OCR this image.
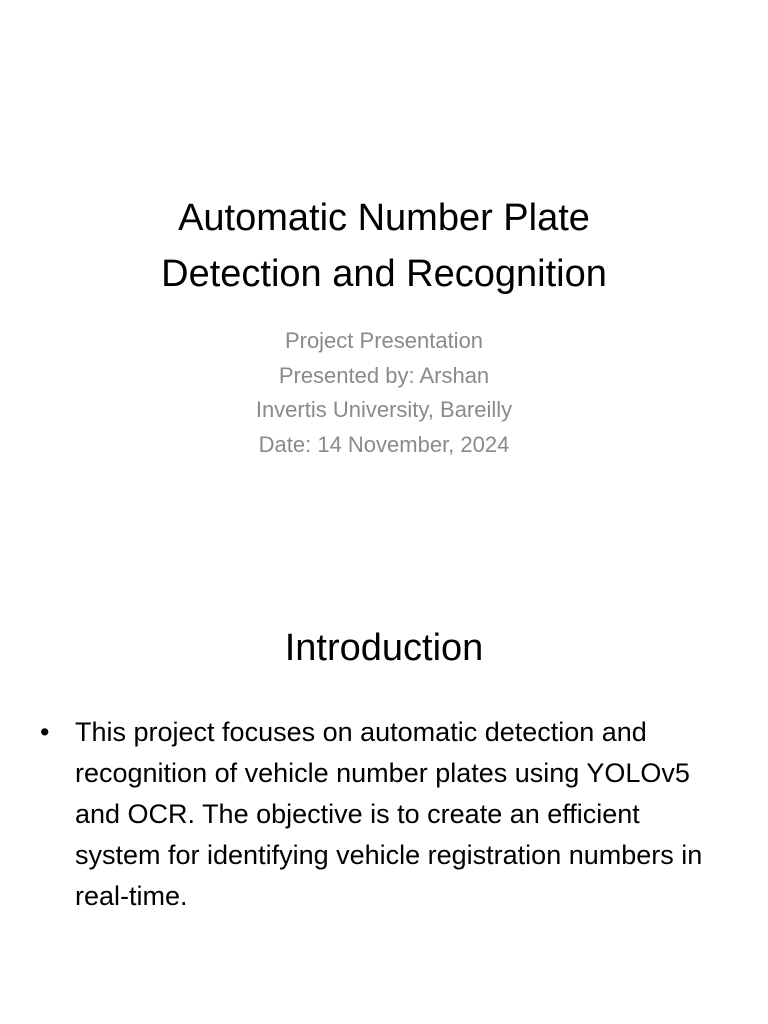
Automatic Number Plate
Detection and Recognition
Project Presentation
Presented by: Arshan
Invertis University, Bareilly
Date: 14 November, 2024
Introduction
• This project focuses on automatic detection and recognition of vehicle number plates using YOLOv5 and OCR. The objective is to create an efficient system for identifying vehicle registration numbers in real-time.
